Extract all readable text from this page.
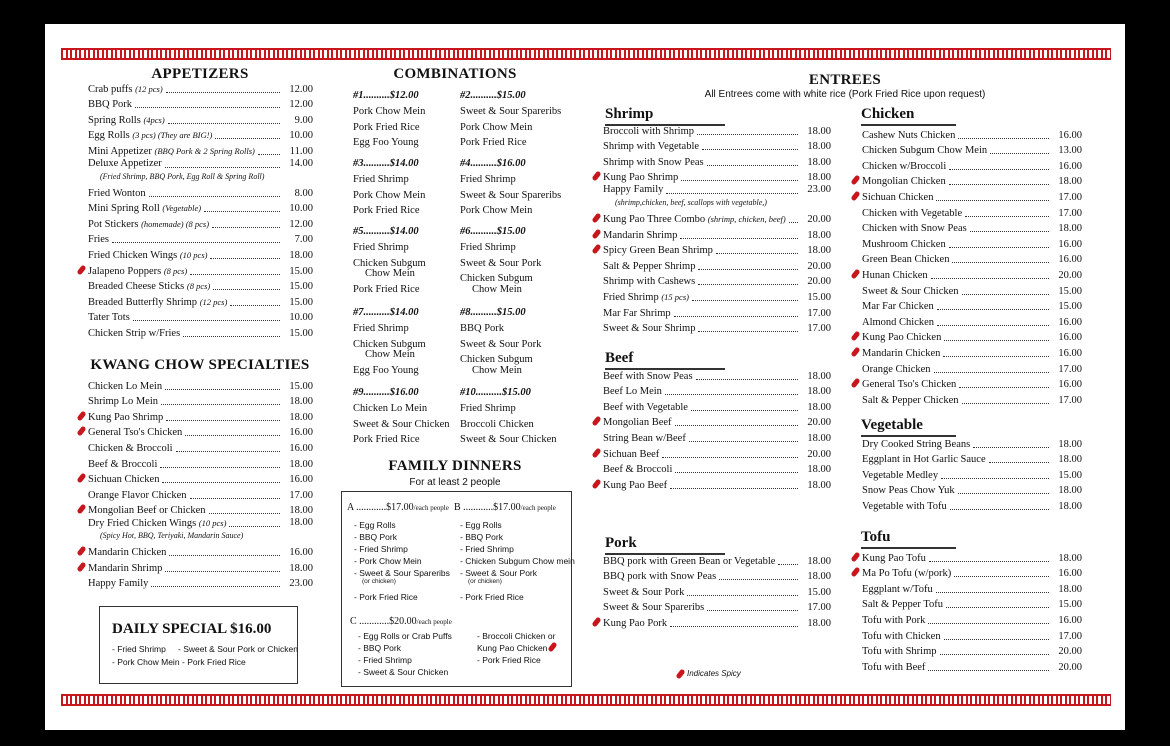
APPETIZERS
Crab puffs (12 pcs)	12.00
BBQ Pork	12.00
Spring Rolls (4pcs)	9.00
Egg Rolls (3 pcs) (They are BIG!)	10.00
Mini Appetizer (BBQ Pork & 2 Spring Rolls)	11.00
Deluxe Appetizer	14.00
(Fried Shrimp, BBQ Pork, Egg Roll & Spring Roll)
Fried Wonton	8.00
Mini Spring Roll (Vegetable)	10.00
Pot Stickers (homemade) (8 pcs)	12.00
Fries	7.00
Fried Chicken Wings (10 pcs)	18.00
Jalapeno Poppers (8 pcs)	15.00
Breaded Cheese Sticks (8 pcs)	15.00
Breaded Butterfly Shrimp (12 pcs)	15.00
Tater Tots	10.00
Chicken Strip w/Fries	15.00
KWANG CHOW SPECIALTIES
Chicken Lo Mein	15.00
Shrimp Lo Mein	18.00
Kung Pao Shrimp	18.00
General Tso's Chicken	16.00
Chicken & Broccoli	16.00
Beef & Broccoli	18.00
Sichuan Chicken	16.00
Orange Flavor Chicken	17.00
Mongolian Beef or Chicken	18.00
Dry Fried Chicken Wings (10 pcs)	18.00
(Spicy Hot, BBQ, Teriyaki, Mandarin Sauce)
Mandarin Chicken	16.00
Mandarin Shrimp	18.00
Happy Family	23.00
DAILY SPECIAL $16.00
- Fried Shrimp - Sweet & Sour Pork or Chicken
- Pork Chow Mein - Pork Fried Rice
COMBINATIONS
#1..........$12.00
Pork Chow Mein
Pork Fried Rice
Egg Foo Young
#2..........$15.00
Sweet & Sour Spareribs
Pork Chow Mein
Pork Fried Rice
#3..........$14.00
Fried Shrimp
Pork Chow Mein
Pork Fried Rice
#4..........$16.00
Fried Shrimp
Sweet & Sour Spareribs
Pork Chow Mein
#5..........$14.00
Fried Shrimp
Chicken Subgum
Chow Mein
Pork Fried Rice
#6..........$15.00
Fried Shrimp
Sweet & Sour Pork
Chicken Subgum
Chow Mein
#7..........$14.00
Fried Shrimp
Chicken Subgum
Chow Mein
Egg Foo Young
#8..........$15.00
BBQ Pork
Sweet & Sour Pork
Chicken Subgum
Chow Mein
#9..........$16.00
Chicken Lo Mein
Sweet & Sour Chicken
Pork Fried Rice
#10..........$15.00
Fried Shrimp
Broccoli Chicken
Sweet & Sour Chicken
FAMILY DINNERS
For at least 2 people
A ............$17.00/each people B ............$17.00/each people
- Egg Rolls
- BBQ Pork
- Fried Shrimp
- Pork Chow Mein
- Sweet & Sour Spareribs
(or chicken)
- Pork Fried Rice
- Egg Rolls
- BBQ Pork
- Fried Shrimp
- Chicken Subgum Chow mein
- Sweet & Sour Pork
(or chicken)
- Pork Fried Rice
C ............$20.00/each people
- Egg Rolls or Crab Puffs
- BBQ Pork
- Fried Shrimp
- Sweet & Sour Chicken
- Broccoli Chicken or
Kung Pao Chicken
- Pork Fried Rice
ENTREES
All Entrees come with white rice (Pork Fried Rice upon request)
Shrimp
Broccoli with Shrimp	18.00
Shrimp with Vegetable	18.00
Shrimp with Snow Peas	18.00
Kung Pao Shrimp	18.00
Happy Family	23.00
(shrimp,chicken, beef, scallops with vegetable,)
Kung Pao Three Combo (shrimp, chicken, beef)	20.00
Mandarin Shrimp	18.00
Spicy Green Bean Shrimp	18.00
Salt & Pepper Shrimp	20.00
Shrimp with Cashews	20.00
Fried Shrimp (15 pcs)	15.00
Mar Far Shrimp	17.00
Sweet & Sour Shrimp	17.00
Beef
Beef with Snow Peas	18.00
Beef Lo Mein	18.00
Beef with Vegetable	18.00
Mongolian Beef	20.00
String Bean w/Beef	18.00
Sichuan Beef	20.00
Beef & Broccoli	18.00
Kung Pao Beef	18.00
Pork
BBQ pork with Green Bean or Vegetable	18.00
BBQ pork with Snow Peas	18.00
Sweet & Sour Pork	15.00
Sweet & Sour Spareribs	17.00
Kung Pao Pork	18.00
Indicates Spicy
Chicken
Cashew Nuts Chicken	16.00
Chicken Subgum Chow Mein	13.00
Chicken w/Broccoli	16.00
Mongolian Chicken	18.00
Sichuan Chicken	17.00
Chicken with Vegetable	17.00
Chicken with Snow Peas	18.00
Mushroom Chicken	16.00
Green Bean Chicken	16.00
Hunan Chicken	20.00
Sweet & Sour Chicken	15.00
Mar Far Chicken	15.00
Almond Chicken	16.00
Kung Pao Chicken	16.00
Mandarin Chicken	16.00
Orange Chicken	17.00
General Tso's Chicken	16.00
Salt & Pepper Chicken	17.00
Vegetable
Dry Cooked String Beans	18.00
Eggplant in Hot Garlic Sauce	18.00
Vegetable Medley	15.00
Snow Peas Chow Yuk	18.00
Vegetable with Tofu	18.00
Tofu
Kung Pao Tofu	18.00
Ma Po Tofu (w/pork)	16.00
Eggplant w/Tofu	18.00
Salt & Pepper Tofu	15.00
Tofu with Pork	16.00
Tofu with Chicken	17.00
Tofu with Shrimp	20.00
Tofu with Beef	20.00
